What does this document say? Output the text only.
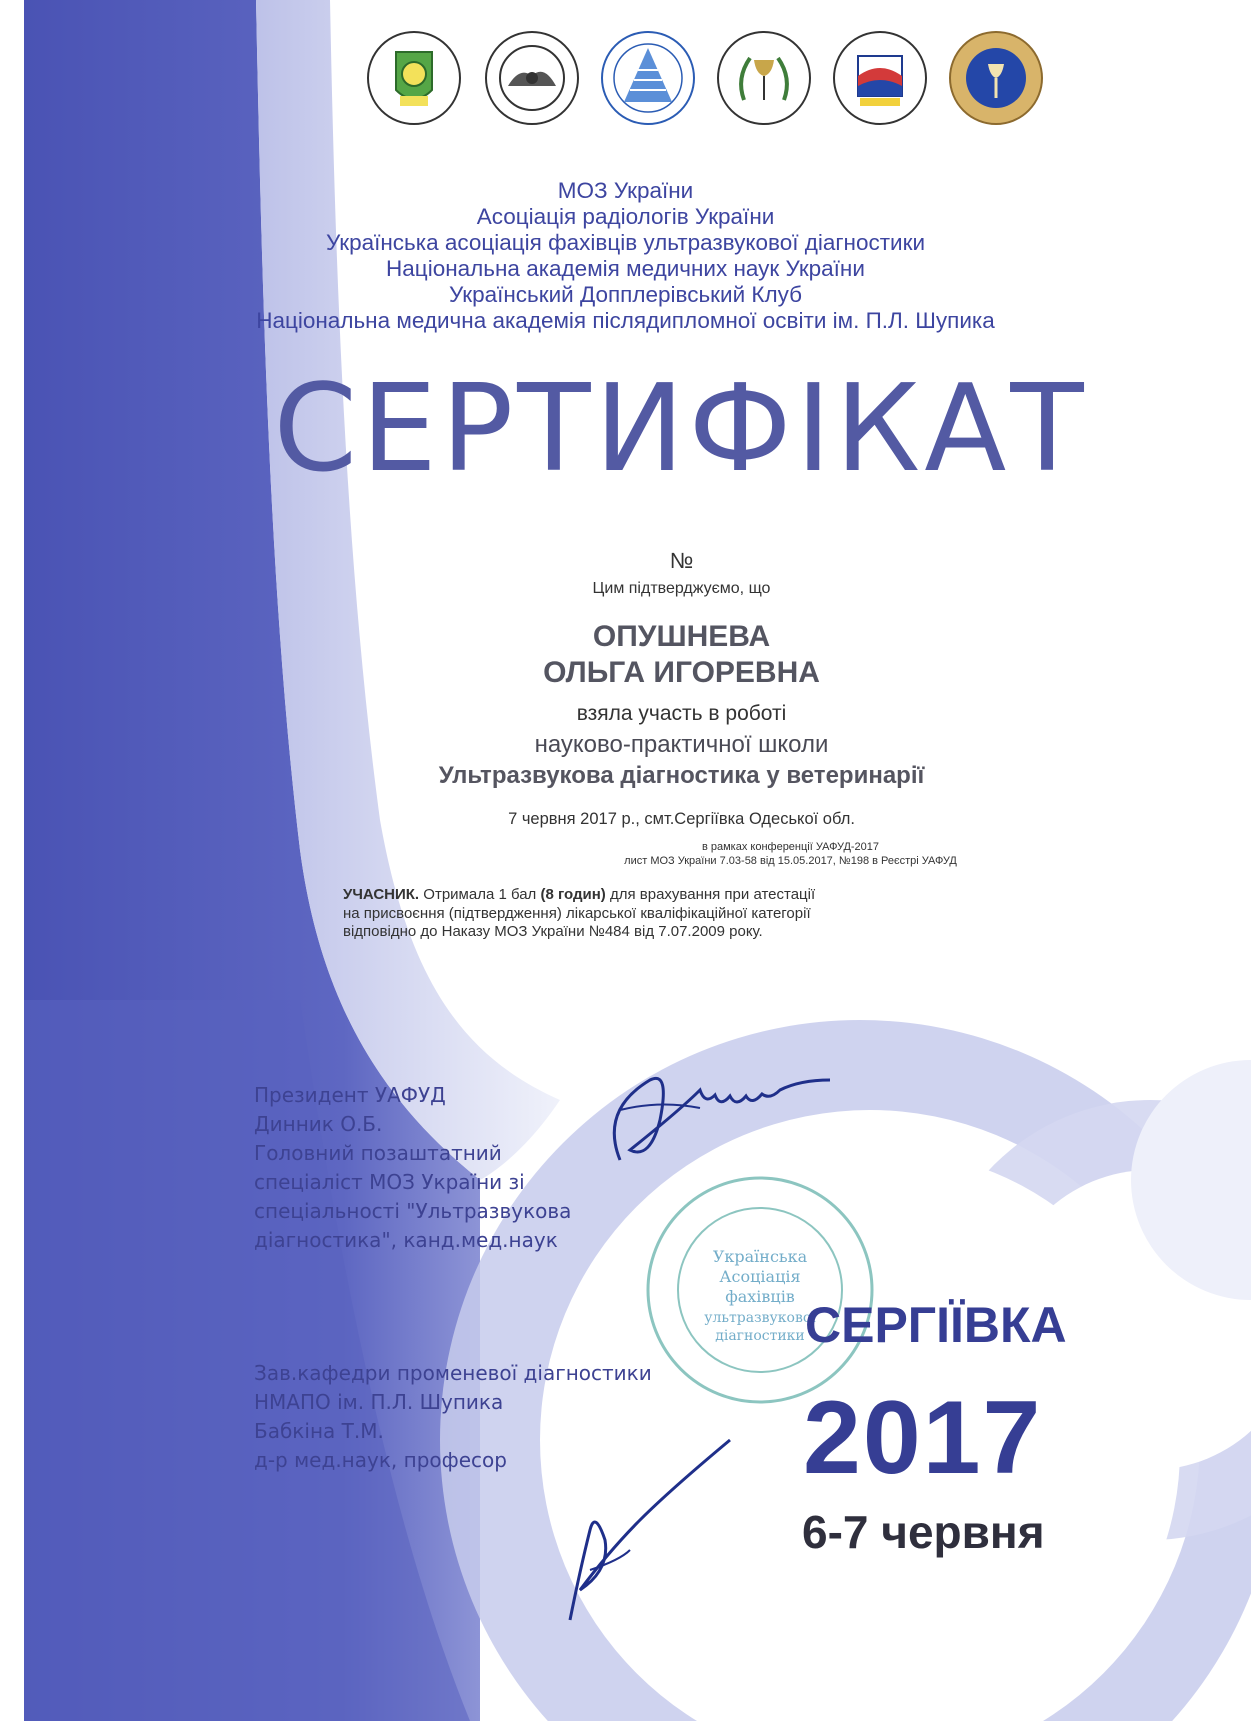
МОЗ України
Асоціація радіологів України
Українська асоціація фахівців ультразвукової діагностики
Національна академія медичних наук України
Український Допплерівський Клуб
Національна медична академія післядипломної освіти ім. П.Л. Шупика
СЕРТИФІКАТ
№
Цим підтверджуємо, що
ОПУШНЕВА
ОЛЬГА ИГОРЕВНА
взяла участь в роботі
науково-практичної школи
Ультразвукова діагностика у ветеринарії
7 червня 2017 р., смт.Сергіївка Одеської обл.
в рамках конференції УАФУД-2017
лист МОЗ України 7.03-58 від 15.05.2017, №198 в Реєстрі УАФУД
УЧАСНИК. Отримала 1 бал (8 годин) для врахування при атестації
на присвоєння (підтвердження) лікарської кваліфікаційної категорії
відповідно до Наказу МОЗ України №484 від 7.07.2009 року.
Президент УАФУД
Динник О.Б.
Головний позаштатний
спеціаліст МОЗ України зі
спеціальності "Ультразвукова
діагностика", канд.мед.наук
Українська
Асоціація
фахівців
ультразвукової
діагностики
Зав.кафедри променевої діагностики
НМАПО ім. П.Л. Шупика
Бабкіна Т.М.
д-р мед.наук, професор
СЕРГІЇВКА
2017
6-7 червня
